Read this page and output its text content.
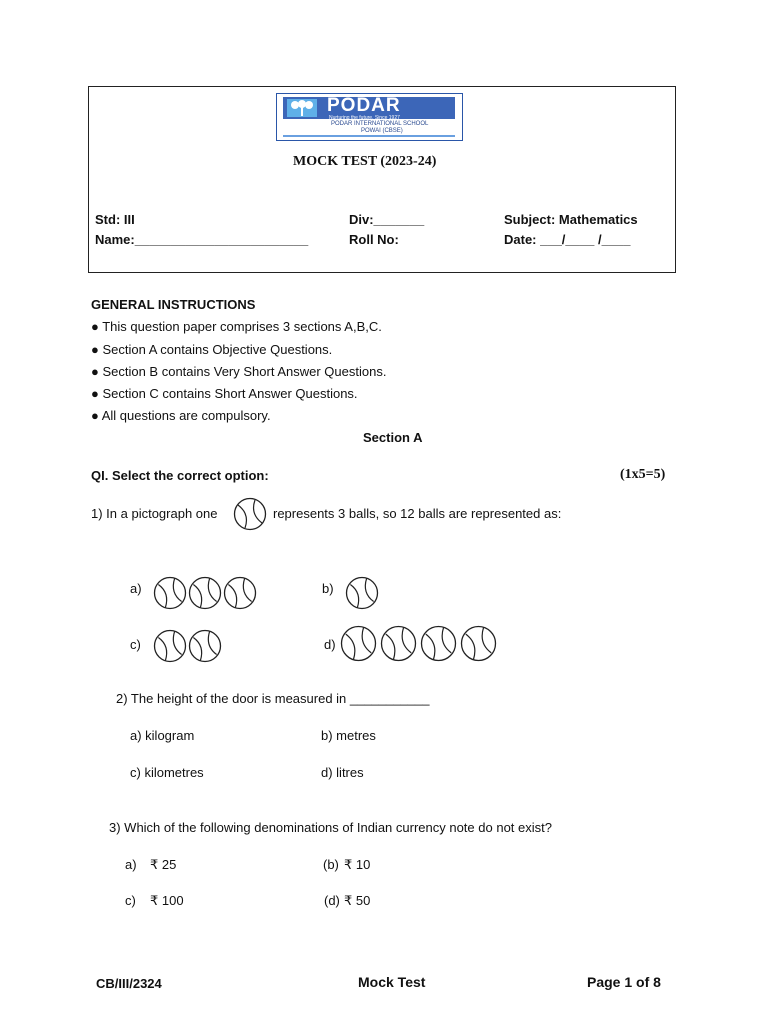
PODAR
Nurturing the future. Since 1927
PODAR INTERNATIONAL SCHOOL
POWAI (CBSE)
MOCK TEST (2023-24)
Std: III
Name:________________________
Div:_______
Roll No:
Subject: Mathematics
Date: ___/____ /____
GENERAL INSTRUCTIONS
● This question paper comprises 3 sections A,B,C.
● Section A contains Objective Questions.
● Section B contains Very Short Answer Questions.
● Section C contains Short Answer Questions.
● All questions are compulsory.
Section A
QI. Select the correct option:	(1x5=5)
1) In a pictograph one	represents 3 balls, so 12 balls are represented as:
a)	b)
c)	d)
2) The height of the door is measured in ___________
a) kilogram	b) metres
c) kilometres	d) litres
3) Which of the following denominations of Indian currency note do not exist?
a) ₹ 25	(b) ₹ 10
c) ₹ 100	(d) ₹ 50
CB/III/2324	Mock Test	Page 1 of 8
